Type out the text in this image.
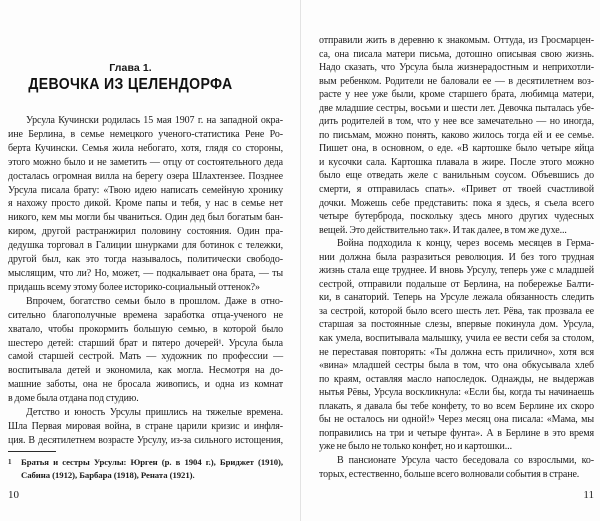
Глава 1.
ДЕВОЧКА ИЗ ЦЕЛЕНДОРФА
Урсула Кучински родилась 15 мая 1907 г. на западной окра-
ине Берлина, в семье немецкого ученого-статистика Рене Ро-
берта Кучински. Семья жила небогато, хотя, глядя со стороны,
этого можно было и не заметить — отцу от состоятельного деда
досталась огромная вилла на берегу озера Шлахтензее. Позднее
Урсула писала брату: «Твою идею написать семейную хронику
я нахожу просто дикой. Кроме папы и тебя, у нас в семье нет
никого, кем мы могли бы чваниться. Один дед был богатым бан-
киром, другой растранжирил половину состояния. Один пра-
дедушка торговал в Галиции шнурками для ботинок с тележки,
другой был, как это тогда называлось, политически свободо-
мыслящим, что ли? Но, может, — подкалывает она брата, — ты
придашь всему этому более историко-социальный оттенок?»
Впрочем, богатство семьи было в прошлом. Даже в отно-
сительно благополучные времена заработка отца-ученого не
хватало, чтобы прокормить большую семью, в которой было
шестеро детей: старший брат и пятеро дочерей¹. Урсула была
самой старшей сестрой. Мать — художник по профессии —
воспитывала детей и экономила, как могла. Несмотря на до-
машние заботы, она не бросала живопись, и одна из комнат
в доме была отдана под студию.
Детство и юность Урсулы пришлись на тяжелые времена.
Шла Первая мировая война, в стране царили кризис и инфля-
ция. В десятилетнем возрасте Урсулу, из-за сильного истощения,
1	Братья и сестры Урсулы: Юрген (р. в 1904 г.), Бриджет (1910),
Сабина (1912), Барбара (1918), Рената (1921).
10
отправили жить в деревню к знакомым. Оттуда, из Гросмарцен-
са, она писала матери письма, дотошно описывая свою жизнь.
Надо сказать, что Урсула была жизнерадостным и неприхотли-
вым ребенком. Родители не баловали ее — в десятилетнем воз-
расте у нее уже были, кроме старшего брата, любимца матери,
две младшие сестры, восьми и шести лет. Девочка пыталась убе-
дить родителей в том, что у нее все замечательно — но иногда,
по письмам, можно понять, каково жилось тогда ей и ее семье.
Пишет она, в основном, о еде. «В картошке было четыре яйца
и кусочки сала. Картошка плавала в жире. После этого можно
было еще отведать желе с ванильным соусом. Объевшись до
смерти, я отправилась спать». «Привет от твоей счастливой
дочки. Можешь себе представить: пока я здесь, я съела всего
четыре бутерброда, поскольку здесь много других чудесных
вещей. Это действительно так». И так далее, в том же духе...
Война подходила к концу, через восемь месяцев в Герма-
нии должна была разразиться революция. И без того трудная
жизнь стала еще труднее. И вновь Урсулу, теперь уже с младшей
сестрой, отправили подальше от Берлина, на побережье Балти-
ки, в санаторий. Теперь на Урсуле лежала обязанность следить
за сестрой, которой было всего шесть лет. Рёва, так прозвала ее
старшая за постоянные слезы, впервые покинула дом. Урсула,
как умела, воспитывала малышку, учила ее вести себя за столом,
не переставая повторять: «Ты должна есть прилично», хотя вся
«вина» младшей сестры была в том, что она обкусывала хлеб
по краям, оставляя масло напоследок. Однажды, не выдержав
нытья Рёвы, Урсула воскликнула: «Если бы, когда ты начинаешь
плакать, я давала бы тебе конфету, то во всем Берлине их скоро
бы не осталось ни одной!» Через месяц она писала: «Мама, мы
поправились на три и четыре фунта». А в Берлине в это время
уже не было не только конфет, но и картошки...
В пансионате Урсула часто беседовала со взрослыми, ко-
торых, естественно, больше всего волновали события в стране.
11
